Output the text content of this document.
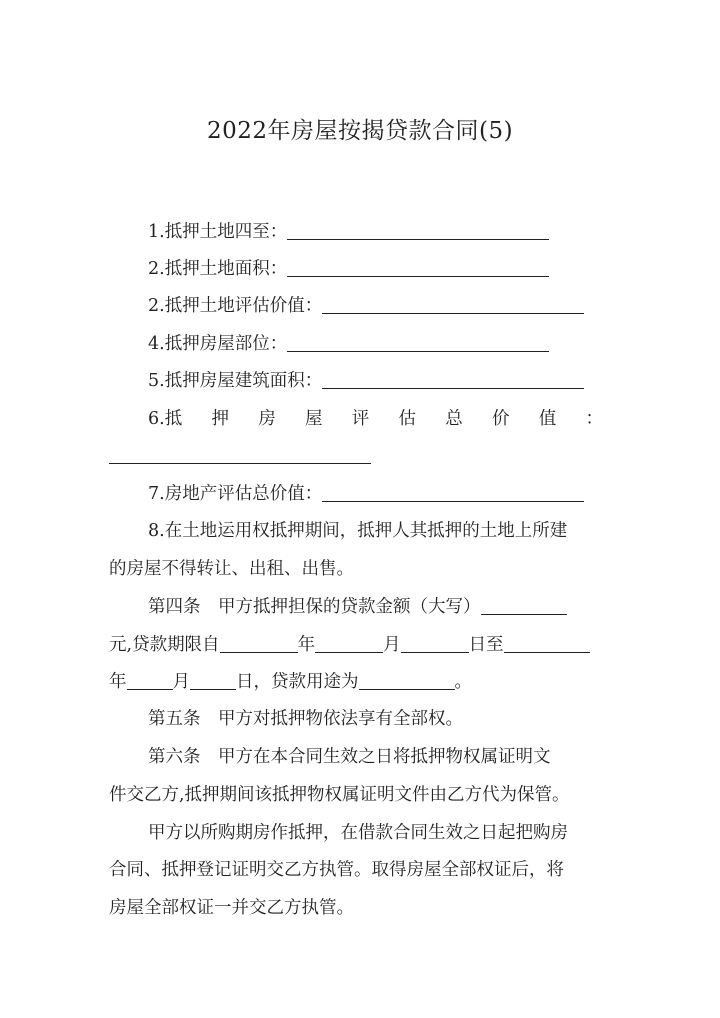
2022年房屋按揭贷款合同(5)
1.抵押土地四至：
2.抵押土地面积：
2.抵押土地评估价值：
4.抵押房屋部位：
5.抵押房屋建筑面积：
6.抵 押 房 屋 评 估 总 价 值 ：
7.房地产评估总价值：
8.在土地运用权抵押期间，抵押人其抵押的土地上所建
的房屋不得转让、出租、出售。
第四条　甲方抵押担保的贷款金额（大写）
元,贷款期限自	年	月	日至
年	月	日，贷款用途为	。
第五条　甲方对抵押物依法享有全部权。
第六条　甲方在本合同生效之日将抵押物权属证明文
件交乙方,抵押期间该抵押物权属证明文件由乙方代为保管。
甲方以所购期房作抵押，在借款合同生效之日起把购房
合同、抵押登记证明交乙方执管。取得房屋全部权证后，将
房屋全部权证一并交乙方执管。
